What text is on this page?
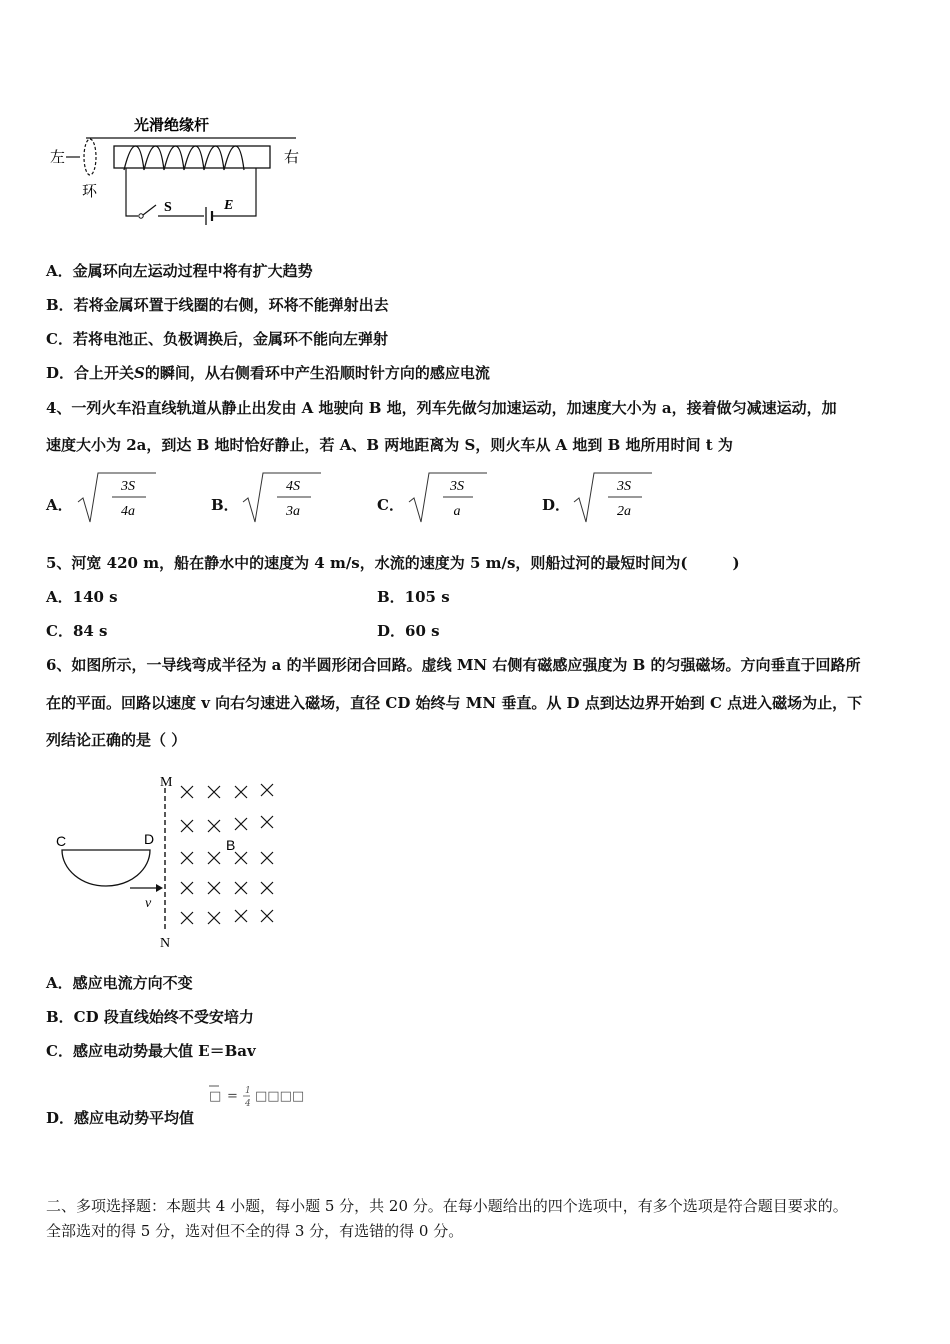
光滑绝缘杆
左
环
右
S	E
A．金属环向左运动过程中将有扩大趋势
B．若将金属环置于线圈的右侧，环将不能弹射出去
C．若将电池正、负极调换后，金属环不能向左弹射
D．合上开关S的瞬间，从右侧看环中产生沿顺时针方向的感应电流
4、一列火车沿直线轨道从静止出发由 A 地驶向 B 地，列车先做匀加速运动，加速度大小为 a，接着做匀减速运动，加
速度大小为 2a，到达 B 地时恰好静止，若 A、B 两地距离为 S，则火车从 A 地到 B 地所用时间 t 为
A．
3S
4a	B．
4S
3a	C．
3S
a	D．
3S
2a
5、河宽 420 m，船在静水中的速度为 4 m/s，水流的速度为 5 m/s，则船过河的最短时间为(　　　)
A．140 s	B．105 s
C．84 s	D．60 s
6、如图所示，一导线弯成半径为 a 的半圆形闭合回路。虚线 MN 右侧有磁感应强度为 B 的匀强磁场。方向垂直于回路所
在的平面。回路以速度 v 向右匀速进入磁场，直径 CD 始终与 MN 垂直。从 D 点到达边界开始到 C 点进入磁场为止，下
列结论正确的是（ ）
M
N
C	D
v
B
A．感应电流方向不变
B．CD 段直线始终不受安培力
C．感应电动势最大值 E＝Bav
D．感应电动势平均值
□ = 1
4 □□□□
二、多项选择题：本题共 4 小题，每小题 5 分，共 20 分。在每小题给出的四个选项中，有多个选项是符合题目要求的。
全部选对的得 5 分，选对但不全的得 3 分，有选错的得 0 分。
